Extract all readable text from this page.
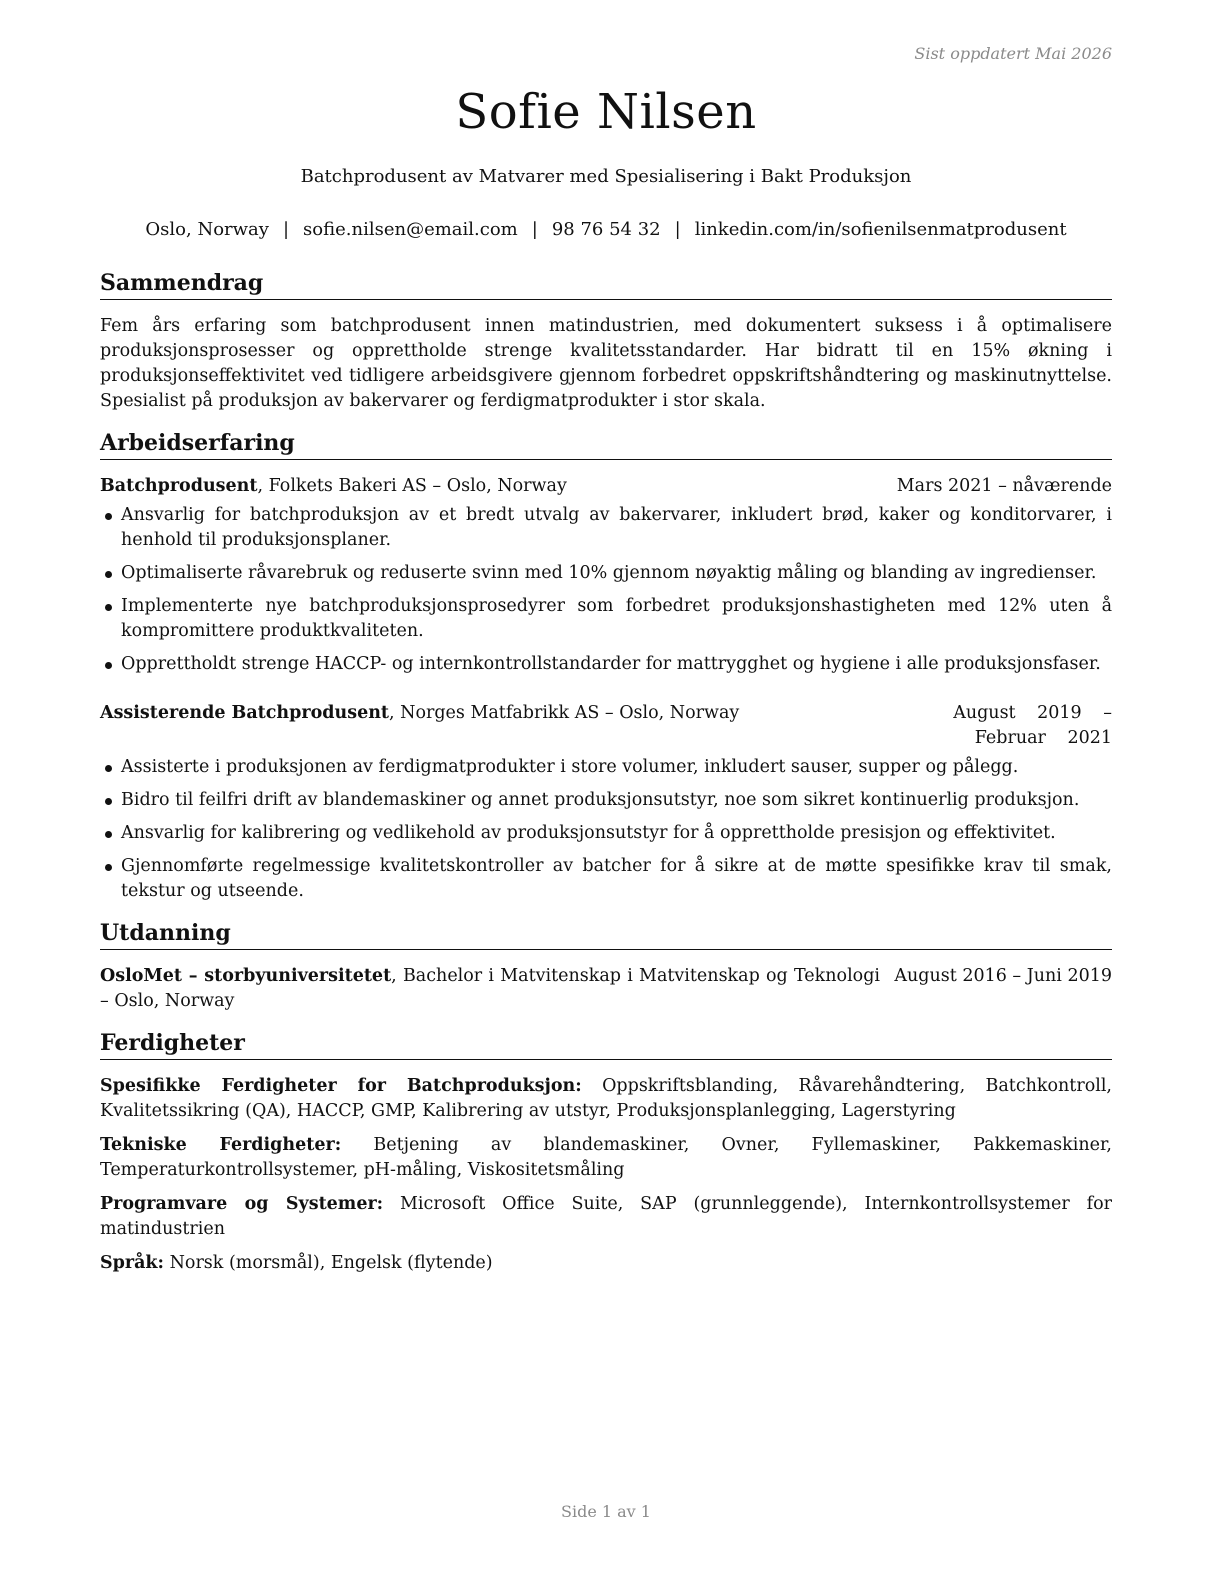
Sist oppdatert Mai 2026
Sofie Nilsen
Batchprodusent av Matvarer med Spesialisering i Bakt Produksjon
Oslo, Norway | sofie.nilsen@email.com | 98 76 54 32 | linkedin.com/in/sofienilsenmatprodusent
Sammendrag
Fem års erfaring som batchprodusent innen matindustrien, med dokumentert suksess i å optimalisere produksjonsprosesser og opprettholde strenge kvalitetsstandarder. Har bidratt til en 15% økning i produksjonseffektivitet ved tidligere arbeidsgivere gjennom forbedret oppskriftshåndtering og maskinutnyttelse. Spesialist på produksjon av bakervarer og ferdigmatprodukter i stor skala.
Arbeidserfaring
Batchprodusent, Folkets Bakeri AS – Oslo, Norway	Mars 2021 – nåværende
Ansvarlig for batchproduksjon av et bredt utvalg av bakervarer, inkludert brød, kaker og konditorvarer, i henhold til produksjonsplaner.
Optimaliserte råvarebruk og reduserte svinn med 10% gjennom nøyaktig måling og blanding av ingredienser.
Implementerte nye batchproduksjonsprosedyrer som forbedret produksjonshastigheten med 12% uten å kompromittere produktkvaliteten.
Opprettholdt strenge HACCP- og internkontrollstandarder for mattrygghet og hygiene i alle produksjonsfaser.
Assisterende Batchprodusent, Norges Matfabrikk AS – Oslo, Norway	August 2019 – Februar 2021
Assisterte i produksjonen av ferdigmatprodukter i store volumer, inkludert sauser, supper og pålegg.
Bidro til feilfri drift av blandemaskiner og annet produksjonsutstyr, noe som sikret kontinuerlig produksjon.
Ansvarlig for kalibrering og vedlikehold av produksjonsutstyr for å opprettholde presisjon og effektivitet.
Gjennomførte regelmessige kvalitetskontroller av batcher for å sikre at de møtte spesifikke krav til smak, tekstur og utseende.
Utdanning
OsloMet – storbyuniversitetet, Bachelor i Matvitenskap i Matvitenskap og Teknologi – Oslo, Norway
August 2016 – Juni 2019
Ferdigheter
Spesifikke Ferdigheter for Batchproduksjon: Oppskriftsblanding, Råvarehåndtering, Batchkontroll, Kvalitetssikring (QA), HACCP, GMP, Kalibrering av utstyr, Produksjonsplanlegging, Lagerstyring
Tekniske Ferdigheter: Betjening av blandemaskiner, Ovner, Fyllemaskiner, Pakkemaskiner, Temperaturkontrollsystemer, pH-måling, Viskositetsmåling
Programvare og Systemer: Microsoft Office Suite, SAP (grunnleggende), Internkontrollsystemer for matindustrien
Språk: Norsk (morsmål), Engelsk (flytende)
Side 1 av 1
